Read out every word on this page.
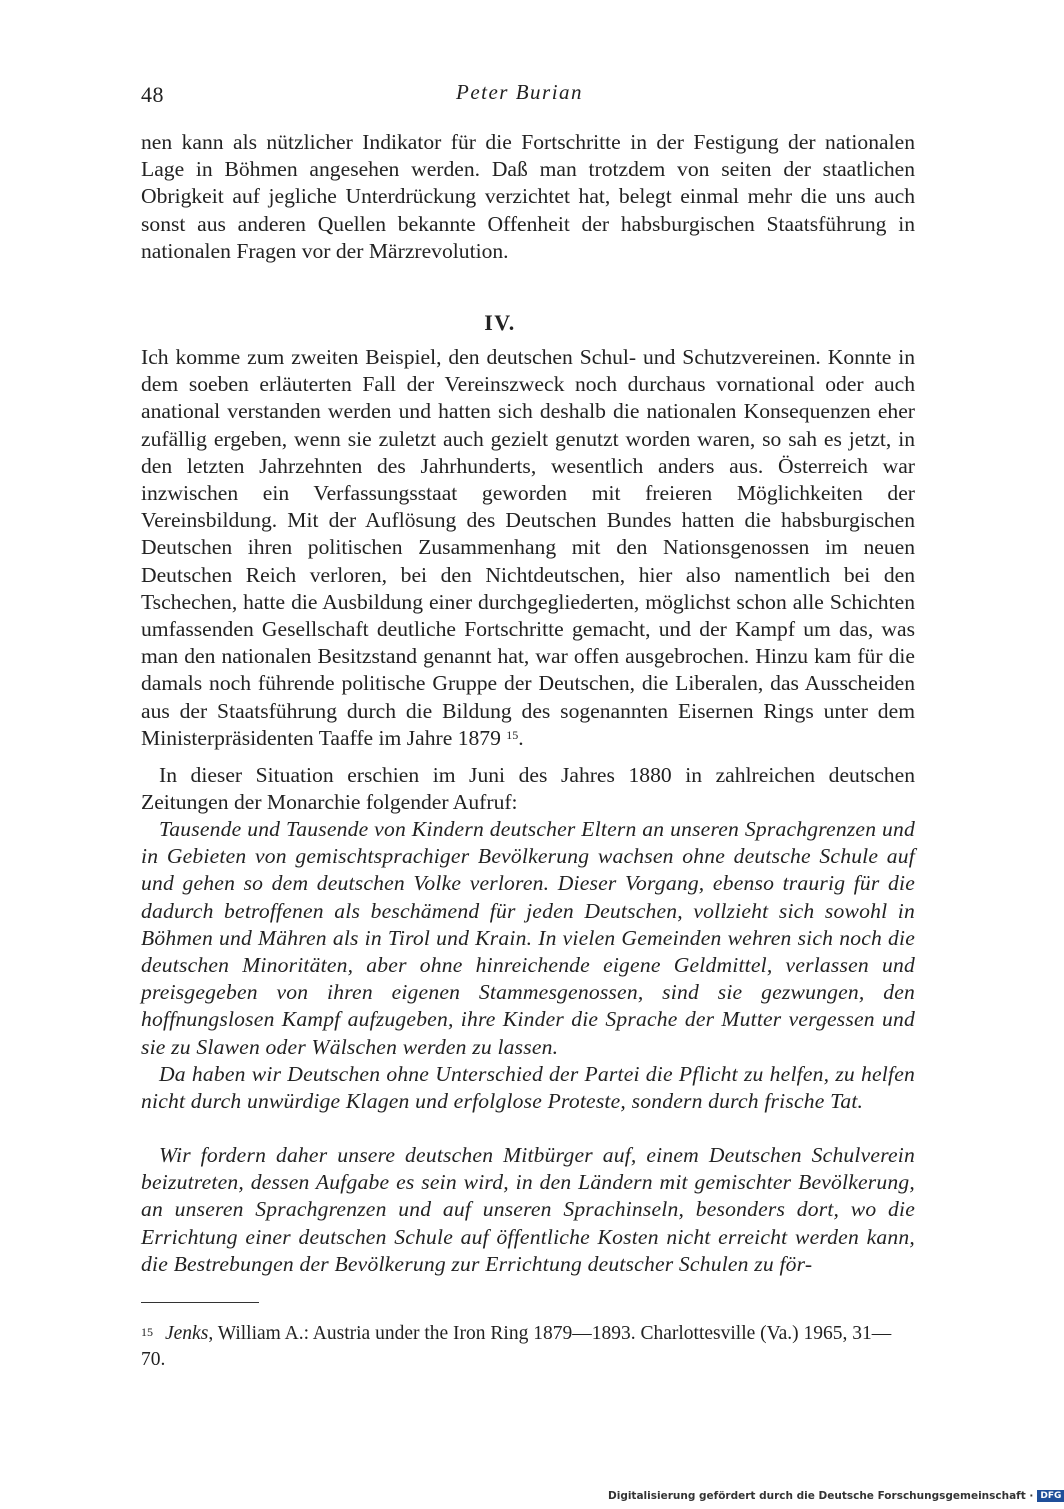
48	Peter Burian

nen kann als nützlicher Indikator für die Fortschritte in der Festigung der nationalen Lage in Böhmen angesehen werden. Daß man trotzdem von seiten der staatlichen Obrigkeit auf jegliche Unterdrückung verzichtet hat, belegt einmal mehr die uns auch sonst aus anderen Quellen bekannte Offenheit der habsburgischen Staatsführung in nationalen Fragen vor der Märzrevolution.

IV.

Ich komme zum zweiten Beispiel, den deutschen Schul- und Schutzvereinen. Konnte in dem soeben erläuterten Fall der Vereinszweck noch durchaus vornational oder auch anational verstanden werden und hatten sich deshalb die nationalen Konsequenzen eher zufällig ergeben, wenn sie zuletzt auch gezielt genutzt worden waren, so sah es jetzt, in den letzten Jahrzehnten des Jahrhunderts, wesentlich anders aus. Österreich war inzwischen ein Verfassungsstaat geworden mit freieren Möglichkeiten der Vereinsbildung. Mit der Auflösung des Deutschen Bundes hatten die habsburgischen Deutschen ihren politischen Zusammenhang mit den Nationsgenossen im neuen Deutschen Reich verloren, bei den Nichtdeutschen, hier also namentlich bei den Tschechen, hatte die Ausbildung einer durchgegliederten, möglichst schon alle Schichten umfassenden Gesellschaft deutliche Fortschritte gemacht, und der Kampf um das, was man den nationalen Besitzstand genannt hat, war offen ausgebrochen. Hinzu kam für die damals noch führende politische Gruppe der Deutschen, die Liberalen, das Ausscheiden aus der Staatsführung durch die Bildung des sogenannten Eisernen Rings unter dem Ministerpräsidenten Taaffe im Jahre 1879 $^{15}$.

In dieser Situation erschien im Juni des Jahres 1880 in zahlreichen deutschen Zeitungen der Monarchie folgender Aufruf:

Tausende und Tausende von Kindern deutscher Eltern an unseren Sprachgrenzen und in Gebieten von gemischtsprachiger Bevölkerung wachsen ohne deutsche Schule auf und gehen so dem deutschen Volke verloren. Dieser Vorgang, ebenso traurig für die dadurch betroffenen als beschämend für jeden Deutschen, vollzieht sich sowohl in Böhmen und Mähren als in Tirol und Krain. In vielen Gemeinden wehren sich noch die deutschen Minoritäten, aber ohne hinreichende eigene Geldmittel, verlassen und preisgegeben von ihren eigenen Stammesgenossen, sind sie gezwungen, den hoffnungslosen Kampf aufzugeben, ihre Kinder die Sprache der Mutter vergessen und sie zu Slawen oder Wälschen werden zu lassen.

Da haben wir Deutschen ohne Unterschied der Partei die Pflicht zu helfen, zu helfen nicht durch unwürdige Klagen und erfolglose Proteste, sondern durch frische Tat.

Wir fordern daher unsere deutschen Mitbürger auf, einem Deutschen Schulverein beizutreten, dessen Aufgabe es sein wird, in den Ländern mit gemischter Bevölkerung, an unseren Sprachgrenzen und auf unseren Sprachinseln, besonders dort, wo die Errichtung einer deutschen Schule auf öffentliche Kosten nicht erreicht werden kann, die Bestrebungen der Bevölkerung zur Errichtung deutscher Schulen zu för-

$^{15}$ Jenks, William A.: Austria under the Iron Ring 1879—1893. Charlottesville (Va.) 1965, 31—70.

Digitalisierung gefördert durch die Deutsche Forschungsgemeinschaft · DFG
